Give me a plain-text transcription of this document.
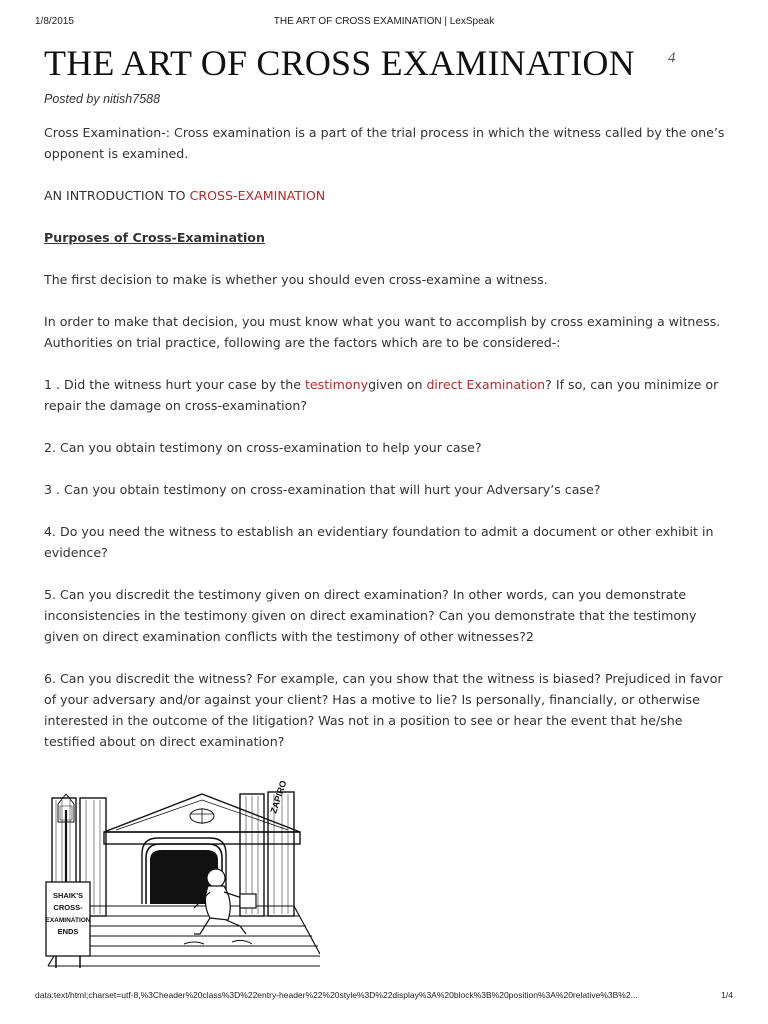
1/8/2015	THE ART OF CROSS EXAMINATION | LexSpeak
THE ART OF CROSS EXAMINATION 4
Posted by nitish7588

Cross Examination-: Cross examination is a part of the trial process in which the witness called by the one’s opponent is examined.

AN INTRODUCTION TO CROSS-EXAMINATION

Purposes of Cross-Examination

The first decision to make is whether you should even cross-examine a witness.

In order to make that decision, you must know what you want to accomplish by cross examining a witness. Authorities on trial practice, following are the factors which are to be considered-:

1 . Did the witness hurt your case by the testimonygiven on direct Examination? If so, can you minimize or repair the damage on cross-examination?

2. Can you obtain testimony on cross-examination to help your case?

3 . Can you obtain testimony on cross-examination that will hurt your Adversary’s case?

4. Do you need the witness to establish an evidentiary foundation to admit a document or other exhibit in evidence?

5. Can you discredit the testimony given on direct examination? In other words, can you demonstrate inconsistencies in the testimony given on direct examination? Can you demonstrate that the testimony given on direct examination conflicts with the testimony of other witnesses?2

6. Can you discredit the witness? For example, can you show that the witness is biased? Prejudiced in favor of your adversary and/or against your client? Has a motive to lie? Is personally, financially, or otherwise interested in the outcome of the litigation? Was not in a position to see or hear the event that he/she testified about on direct examination?

SHAIK'S
CROSS-
EXAMINATION
ENDS
ZAPIRO
data:text/html;charset=utf-8,%3Cheader%20class%3D%22entry-header%22%20style%3D%22display%3A%20block%3B%20position%3A%20relative%3B%2...	1/4
